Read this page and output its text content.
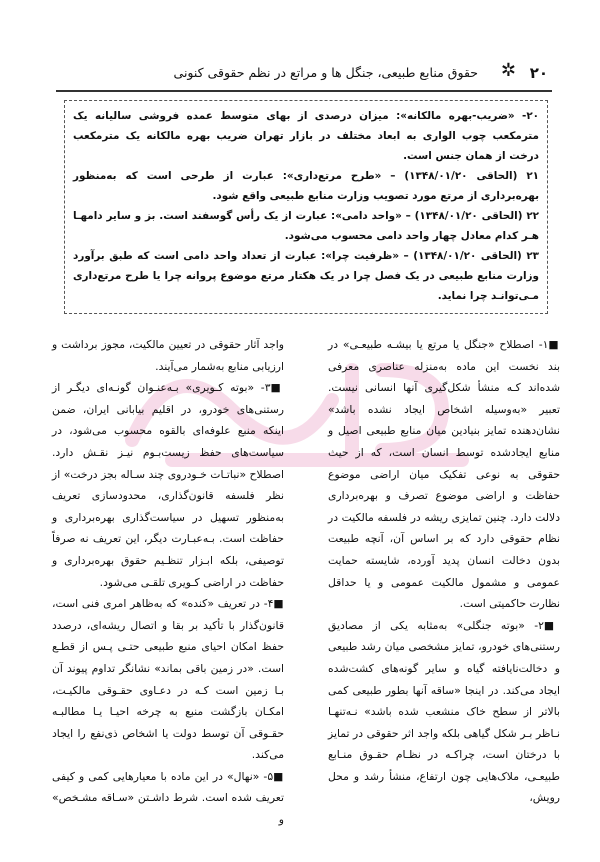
۲۰
✲
حقوق منابع طبیعی، جنگل ها و مراتع در نظم حقوقی کنونی

۲۰- «ضریب-بهره مالکانه»: میزان درصدی از بهای متوسط عمده فروشی سالیانه یک مترمکعب چوب الواری به ابعاد مختلف در بازار تهران ضریب بهره مالکانه یک مترمکعب درخت از همان جنس است.

۲۱ (الحاقی ۱۳۴۸/۰۱/۲۰) – «طرح مرتع‌داری»: عبارت از طرحی است که به‌منظور بهره‌برداری از مرتع مورد تصویب وزارت منابع طبیعی واقع شود.

۲۲ (الحاقی ۱۳۴۸/۰۱/۲۰) – «واحد دامی»: عبارت از یک رأس گوسفند است. بز و سایر دامهـا هـر کدام معادل چهار واحد دامی محسوب می‌شود.

۲۳ (الحاقی ۱۳۴۸/۰۱/۲۰) – «ظرفیت چرا»: عبارت از تعداد واحد دامی است که طبق برآورد وزارت منابع طبیعی در یک فصل چرا در یک هکتار مرتع موضوع پروانه چرا یا طرح مرتع‌داری مـی‌توانـد چرا نماید.

■۱- اصطلاح «جنگل یا مرتع یا بیشـه طبیعـی» در بند نخست این ماده به‌منزله عناصری معرفی شده‌اند کـه منشأ شکل‌گیری آنها انسانی نیست. تعبیر «به‌وسیله اشخاص ایجاد نشده باشد» نشان‌دهنده تمایز بنیادین میان منابع طبیعی اصیل و منابع ایجادشده توسط انسان است، که از حیث حقوقی به نوعی تفکیک میان اراضی موضوع حفاظت و اراضی موضوع تصرف و بهره‌برداری دلالت دارد. چنین تمایزی ریشه در فلسفه مالکیت در نظام حقوقی دارد که بر اساس آن، آنچه طبیعت بدون دخالت انسان پدید آورده، شایسته حمایت عمومی و مشمول مالکیت عمومی و یا حداقل نظارت حاکمیتی است.

■۲- «بوته جنگلی» به‌مثابه یکی از مصادیق رستنی‌های خودرو، تمایز مشخصی میان رشد طبیعی و دخالت‌نایافته گیاه و سایر گونه‌های کشت‌شده ایجاد می‌کند. در اینجا «ساقه آنها بطور طبیعی کمی بالاتر از سطح خاک منشعب شده باشد» نـه‌تنهـا نـاظر بـر شکل گیاهی بلکه واجد اثر حقوقی در تمایز با درختان است، چراکـه در نظـام حقـوق منـابع طبیعـی، ملاک‌هایی چون ارتفاع، منشأ رشد و محل رویش،

واجد آثار حقوقی در تعیین مالکیت، مجوز برداشت و ارزیابی منابع به‌شمار می‌آیند.

■۳- «بوته کـویری» بـه‌عنـوان گونـه‌ای دیگـر از رستنی‌های خودرو، در اقلیم بیابانی ایران، ضمن اینکه منبع علوفه‌ای بالقوه محسوب می‌شود، در سیاست‌های حفظ زیست‌بـوم نیـز نقـش دارد. اصطلاح «نباتـات خـودروی چند سـاله بجز درخت» از نظر فلسفه قانون‌گذاری، محدودسازی تعریف به‌منظور تسهیل در سیاست‌گذاری بهره‌برداری و حفاظت است. بـه‌عبـارت دیگر، این تعریف نه صرفاً توصیفی، بلکه ابـزار تنظـیم حقوق بهره‌برداری و حفاظت در اراضی کـویری تلقـی می‌شود.

■۴- در تعریف «کنده» که به‌ظاهر امری فنی است، قانون‌گذار با تأکید بر بقا و اتصال ریشه‌ای، درصدد حفظ امکان احیای منبع طبیعی حتـی پـس از قطـع است. «در زمین باقی بماند» نشانگر تداوم پیوند آن بـا زمین است کـه در دعـاوی حقـوقی مالکیـت، امکـان بازگشت منبع به چرخه احیـا یـا مطالبـه حقـوقی آن توسط دولت یا اشخاص ذی‌نفع را ایجاد می‌کند.

■۵- «نهال» در این ماده با معیارهایی کمی و کیفی تعریف شده است. شرط داشـتن «سـاقه مشـخص» و
